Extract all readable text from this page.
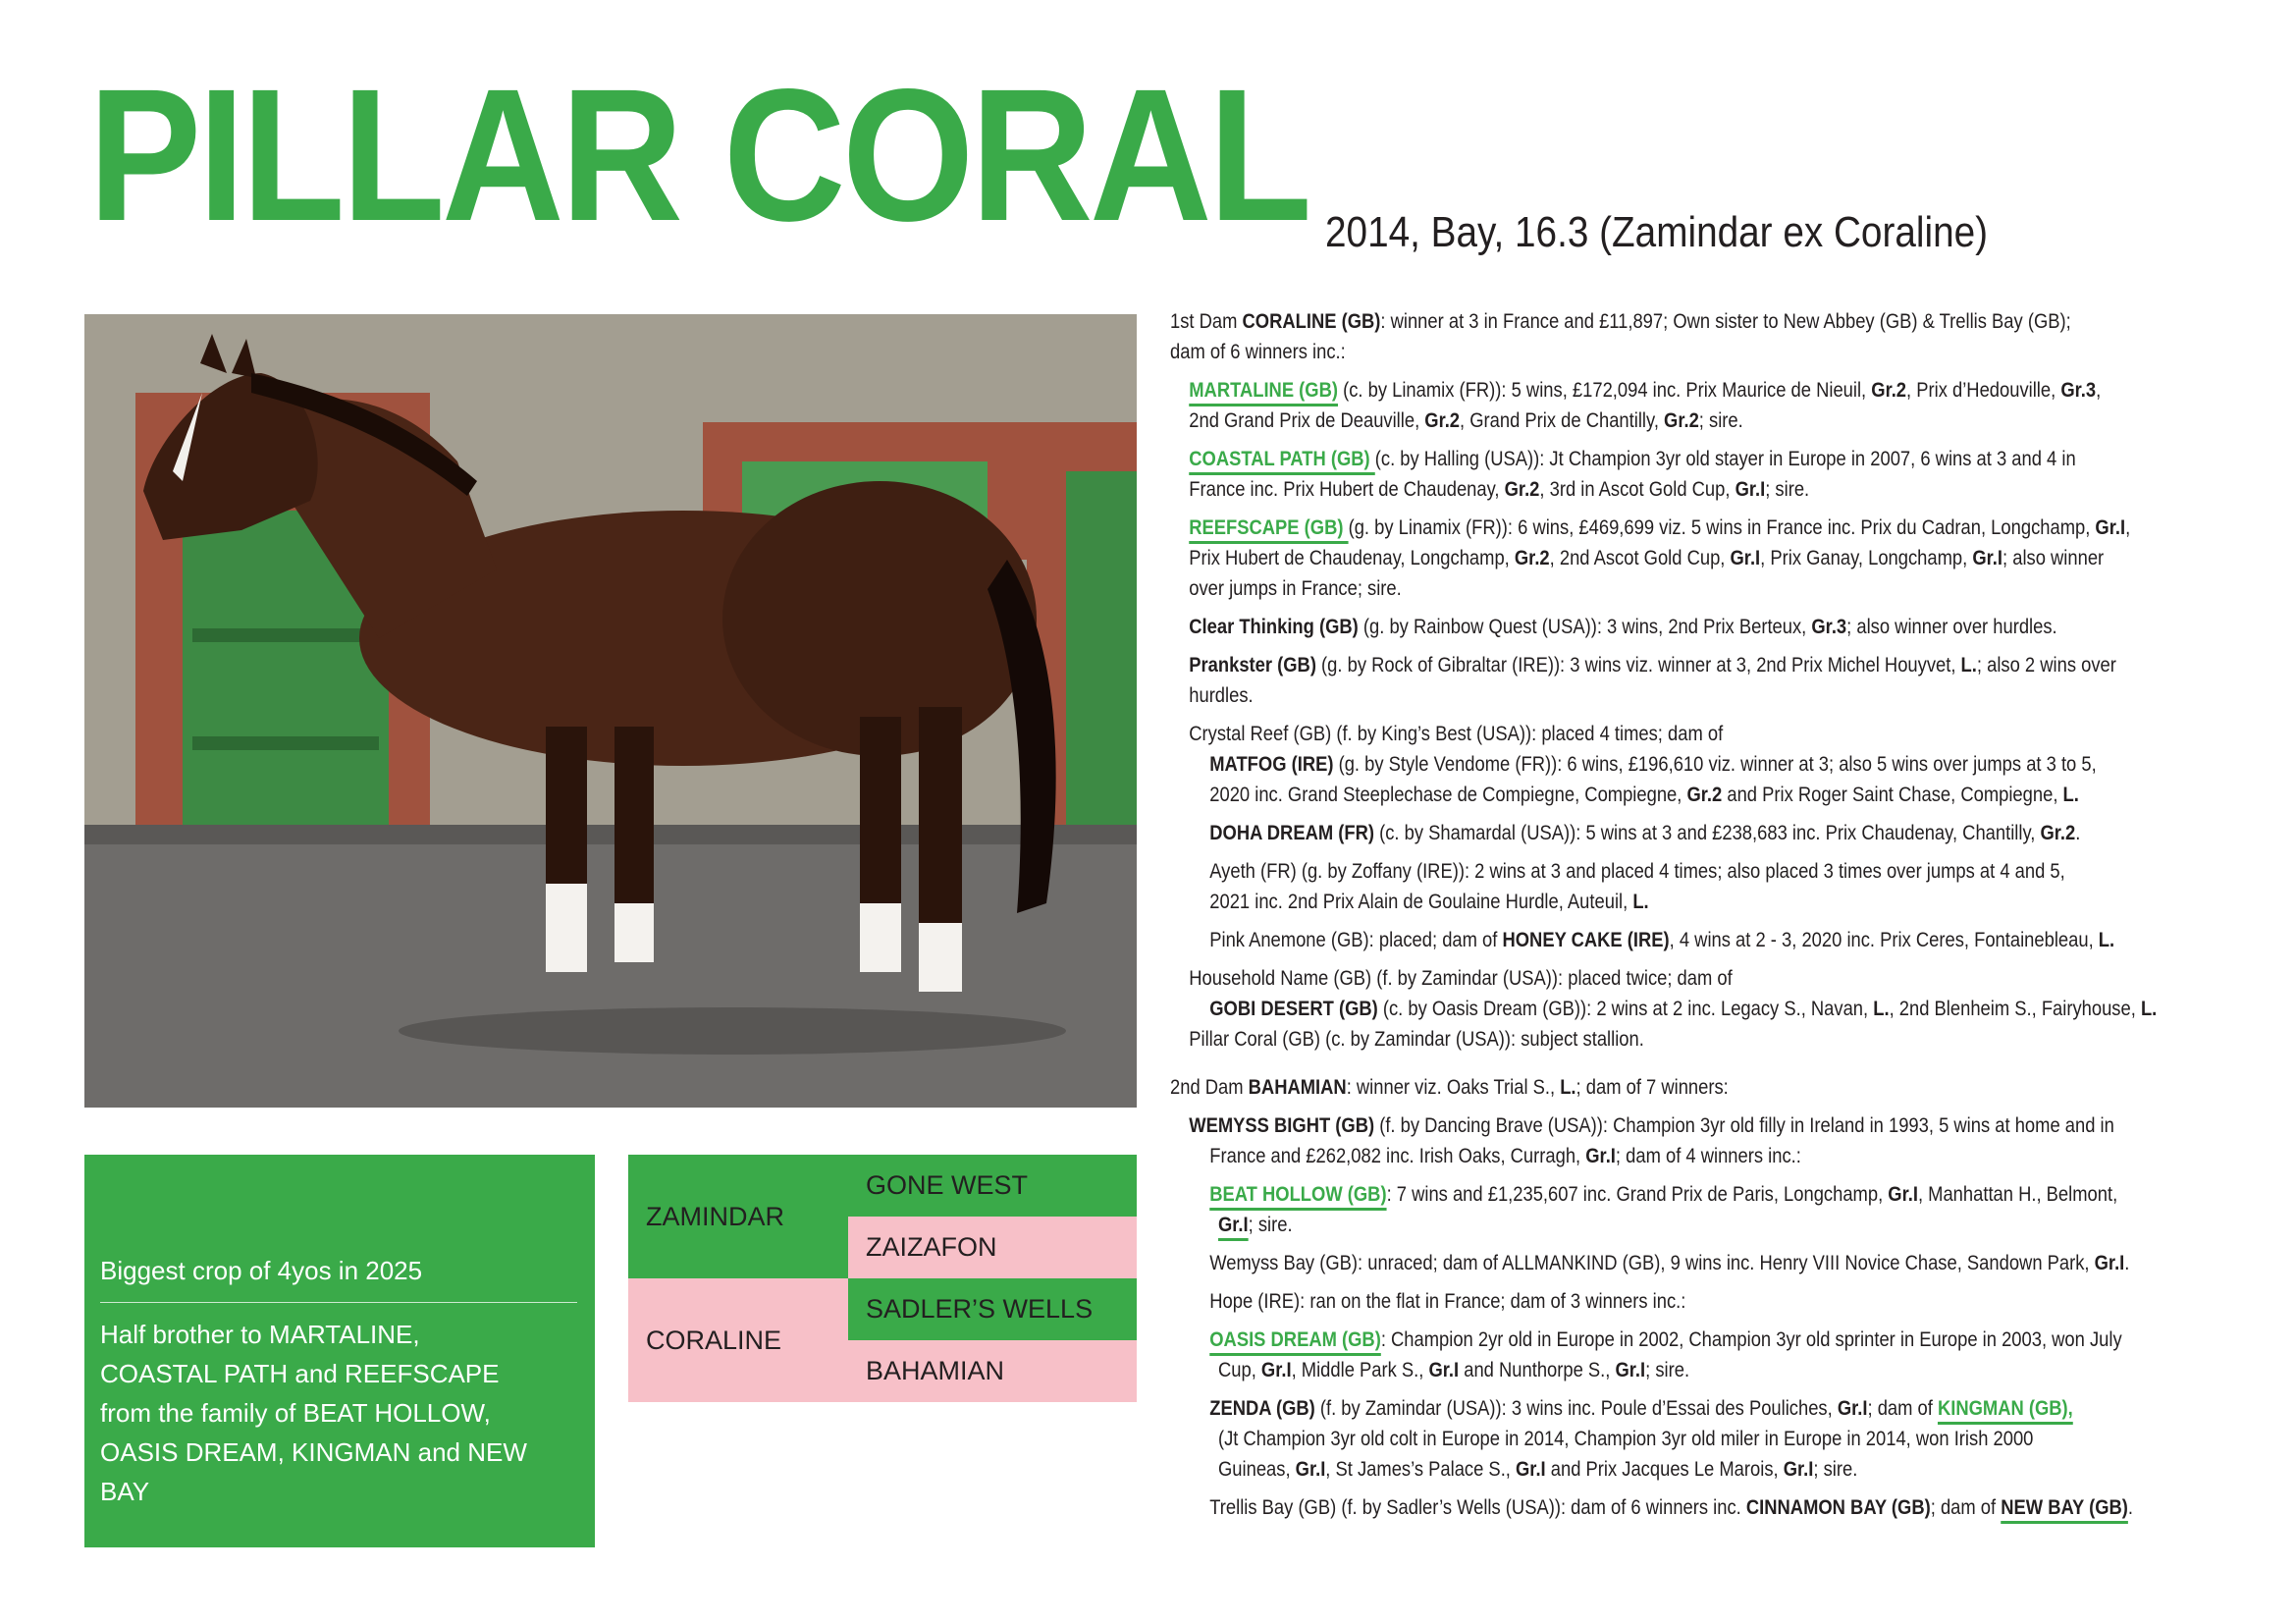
PILLAR CORAL 2014, Bay, 16.3 (Zamindar ex Coraline)
Biggest crop of 4yos in 2025
Half brother to MARTALINE,
COASTAL PATH and REEFSCAPE
from the family of BEAT HOLLOW,
OASIS DREAM, KINGMAN and NEW BAY
ZAMINDAR
CORALINE
GONE WEST
ZAIZAFON
SADLER’S WELLS
BAHAMIAN
1st Dam CORALINE (GB): winner at 3 in France and £11,897; Own sister to New Abbey (GB) & Trellis Bay (GB);
dam of 6 winners inc.:
MARTALINE (GB) (c. by Linamix (FR)): 5 wins, £172,094 inc. Prix Maurice de Nieuil, Gr.2, Prix d’Hedouville, Gr.3,
2nd Grand Prix de Deauville, Gr.2, Grand Prix de Chantilly, Gr.2; sire.
COASTAL PATH (GB) (c. by Halling (USA)): Jt Champion 3yr old stayer in Europe in 2007, 6 wins at 3 and 4 in
France inc. Prix Hubert de Chaudenay, Gr.2, 3rd in Ascot Gold Cup, Gr.I; sire.
REEFSCAPE (GB) (g. by Linamix (FR)): 6 wins, £469,699 viz. 5 wins in France inc. Prix du Cadran, Longchamp, Gr.I,
Prix Hubert de Chaudenay, Longchamp, Gr.2, 2nd Ascot Gold Cup, Gr.I, Prix Ganay, Longchamp, Gr.I; also winner
over jumps in France; sire.
Clear Thinking (GB) (g. by Rainbow Quest (USA)): 3 wins, 2nd Prix Berteux, Gr.3; also winner over hurdles.
Prankster (GB) (g. by Rock of Gibraltar (IRE)): 3 wins viz. winner at 3, 2nd Prix Michel Houyvet, L.; also 2 wins over
hurdles.
Crystal Reef (GB) (f. by King’s Best (USA)): placed 4 times; dam of
MATFOG (IRE) (g. by Style Vendome (FR)): 6 wins, £196,610 viz. winner at 3; also 5 wins over jumps at 3 to 5,
2020 inc. Grand Steeplechase de Compiegne, Compiegne, Gr.2 and Prix Roger Saint Chase, Compiegne, L.
DOHA DREAM (FR) (c. by Shamardal (USA)): 5 wins at 3 and £238,683 inc. Prix Chaudenay, Chantilly, Gr.2.
Ayeth (FR) (g. by Zoffany (IRE)): 2 wins at 3 and placed 4 times; also placed 3 times over jumps at 4 and 5,
2021 inc. 2nd Prix Alain de Goulaine Hurdle, Auteuil, L.
Pink Anemone (GB): placed; dam of HONEY CAKE (IRE), 4 wins at 2 - 3, 2020 inc. Prix Ceres, Fontainebleau, L.
Household Name (GB) (f. by Zamindar (USA)): placed twice; dam of
GOBI DESERT (GB) (c. by Oasis Dream (GB)): 2 wins at 2 inc. Legacy S., Navan, L., 2nd Blenheim S., Fairyhouse, L.
Pillar Coral (GB) (c. by Zamindar (USA)): subject stallion.
2nd Dam BAHAMIAN: winner viz. Oaks Trial S., L.; dam of 7 winners:
WEMYSS BIGHT (GB) (f. by Dancing Brave (USA)): Champion 3yr old filly in Ireland in 1993, 5 wins at home and in
France and £262,082 inc. Irish Oaks, Curragh, Gr.I; dam of 4 winners inc.:
BEAT HOLLOW (GB): 7 wins and £1,235,607 inc. Grand Prix de Paris, Longchamp, Gr.I, Manhattan H., Belmont,
Gr.I; sire.
Wemyss Bay (GB): unraced; dam of ALLMANKIND (GB), 9 wins inc. Henry VIII Novice Chase, Sandown Park, Gr.I.
Hope (IRE): ran on the flat in France; dam of 3 winners inc.:
OASIS DREAM (GB): Champion 2yr old in Europe in 2002, Champion 3yr old sprinter in Europe in 2003, won July
Cup, Gr.I, Middle Park S., Gr.I and Nunthorpe S., Gr.I; sire.
ZENDA (GB) (f. by Zamindar (USA)): 3 wins inc. Poule d’Essai des Pouliches, Gr.I; dam of KINGMAN (GB),
(Jt Champion 3yr old colt in Europe in 2014, Champion 3yr old miler in Europe in 2014, won Irish 2000
Guineas, Gr.I, St James’s Palace S., Gr.I and Prix Jacques Le Marois, Gr.I; sire.
Trellis Bay (GB) (f. by Sadler’s Wells (USA)): dam of 6 winners inc. CINNAMON BAY (GB); dam of NEW BAY (GB).
